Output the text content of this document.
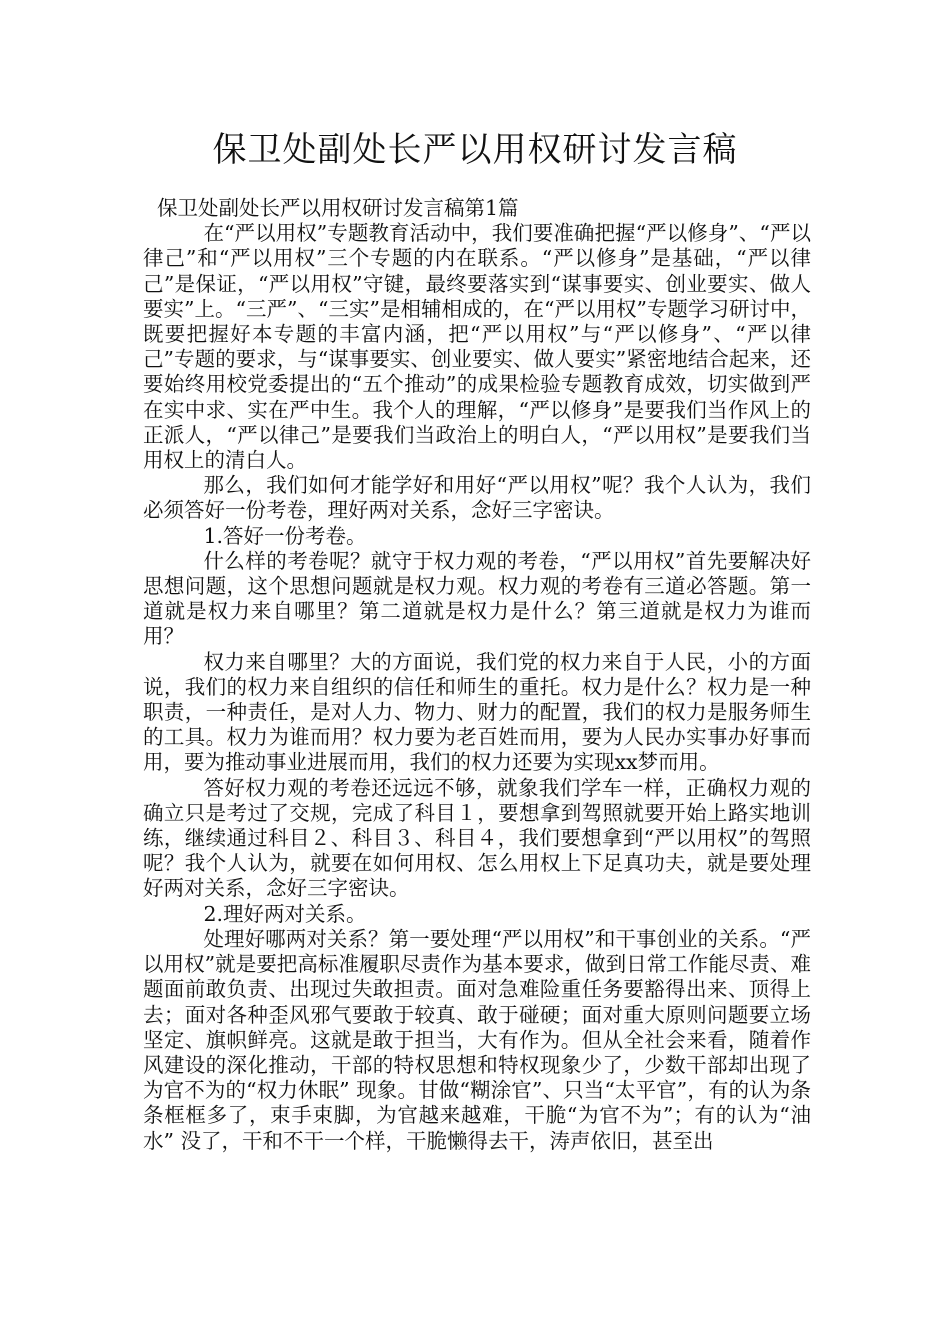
保卫处副处长严以用权研讨发言稿

保卫处副处长严以用权研讨发言稿第1篇

在“严以用权”专题教育活动中，我们要准确把握“严以修身”、“严以律己”和“严以用权”三个专题的内在联系。“严以修身”是基础，“严以律己”是保证，“严以用权”守键，最终要落实到“谋事要实、创业要实、做人要实”上。“三严”、“三实”是相辅相成的，在“严以用权”专题学习研讨中，既要把握好本专题的丰富内涵，把“严以用权”与“严以修身”、“严以律己”专题的要求，与“谋事要实、创业要实、做人要实”紧密地结合起来，还要始终用校党委提出的“五个推动”的成果检验专题教育成效，切实做到严在实中求、实在严中生。我个人的理解，“严以修身”是要我们当作风上的正派人，“严以律己”是要我们当政治上的明白人，“严以用权”是要我们当用权上的清白人。

那么，我们如何才能学好和用好“严以用权”呢？我个人认为，我们必须答好一份考卷，理好两对关系，念好三字密诀。

1.答好一份考卷。

什么样的考卷呢？就守于权力观的考卷，“严以用权”首先要解决好思想问题，这个思想问题就是权力观。权力观的考卷有三道必答题。第一道就是权力来自哪里？第二道就是权力是什么？第三道就是权力为谁而用？

权力来自哪里？大的方面说，我们党的权力来自于人民，小的方面说，我们的权力来自组织的信任和师生的重托。权力是什么？权力是一种职责，一种责任，是对人力、物力、财力的配置，我们的权力是服务师生的工具。权力为谁而用？权力要为老百姓而用，要为人民办实事办好事而用，要为推动事业进展而用，我们的权力还要为实现xx梦而用。

答好权力观的考卷还远远不够，就象我们学车一样，正确权力观的确立只是考过了交规，完成了科目１，要想拿到驾照就要开始上路实地训练，继续通过科目２、科目３、科目４，我们要想拿到“严以用权”的驾照呢？我个人认为，就要在如何用权、怎么用权上下足真功夫，就是要处理好两对关系，念好三字密诀。

2.理好两对关系。

处理好哪两对关系？第一要处理“严以用权”和干事创业的关系。“严以用权”就是要把高标准履职尽责作为基本要求，做到日常工作能尽责、难题面前敢负责、出现过失敢担责。面对急难险重任务要豁得出来、顶得上去；面对各种歪风邪气要敢于较真、敢于碰硬；面对重大原则问题要立场坚定、旗帜鲜亮。这就是敢于担当，大有作为。但从全社会来看，随着作风建设的深化推动，干部的特权思想和特权现象少了，少数干部却出现了为官不为的“权力休眠” 现象。甘做“糊涂官”、只当“太平官”，有的认为条条框框多了，束手束脚，为官越来越难，干脆“为官不为”；有的认为“油水” 没了，干和不干一个样，干脆懒得去干，涛声依旧，甚至出
